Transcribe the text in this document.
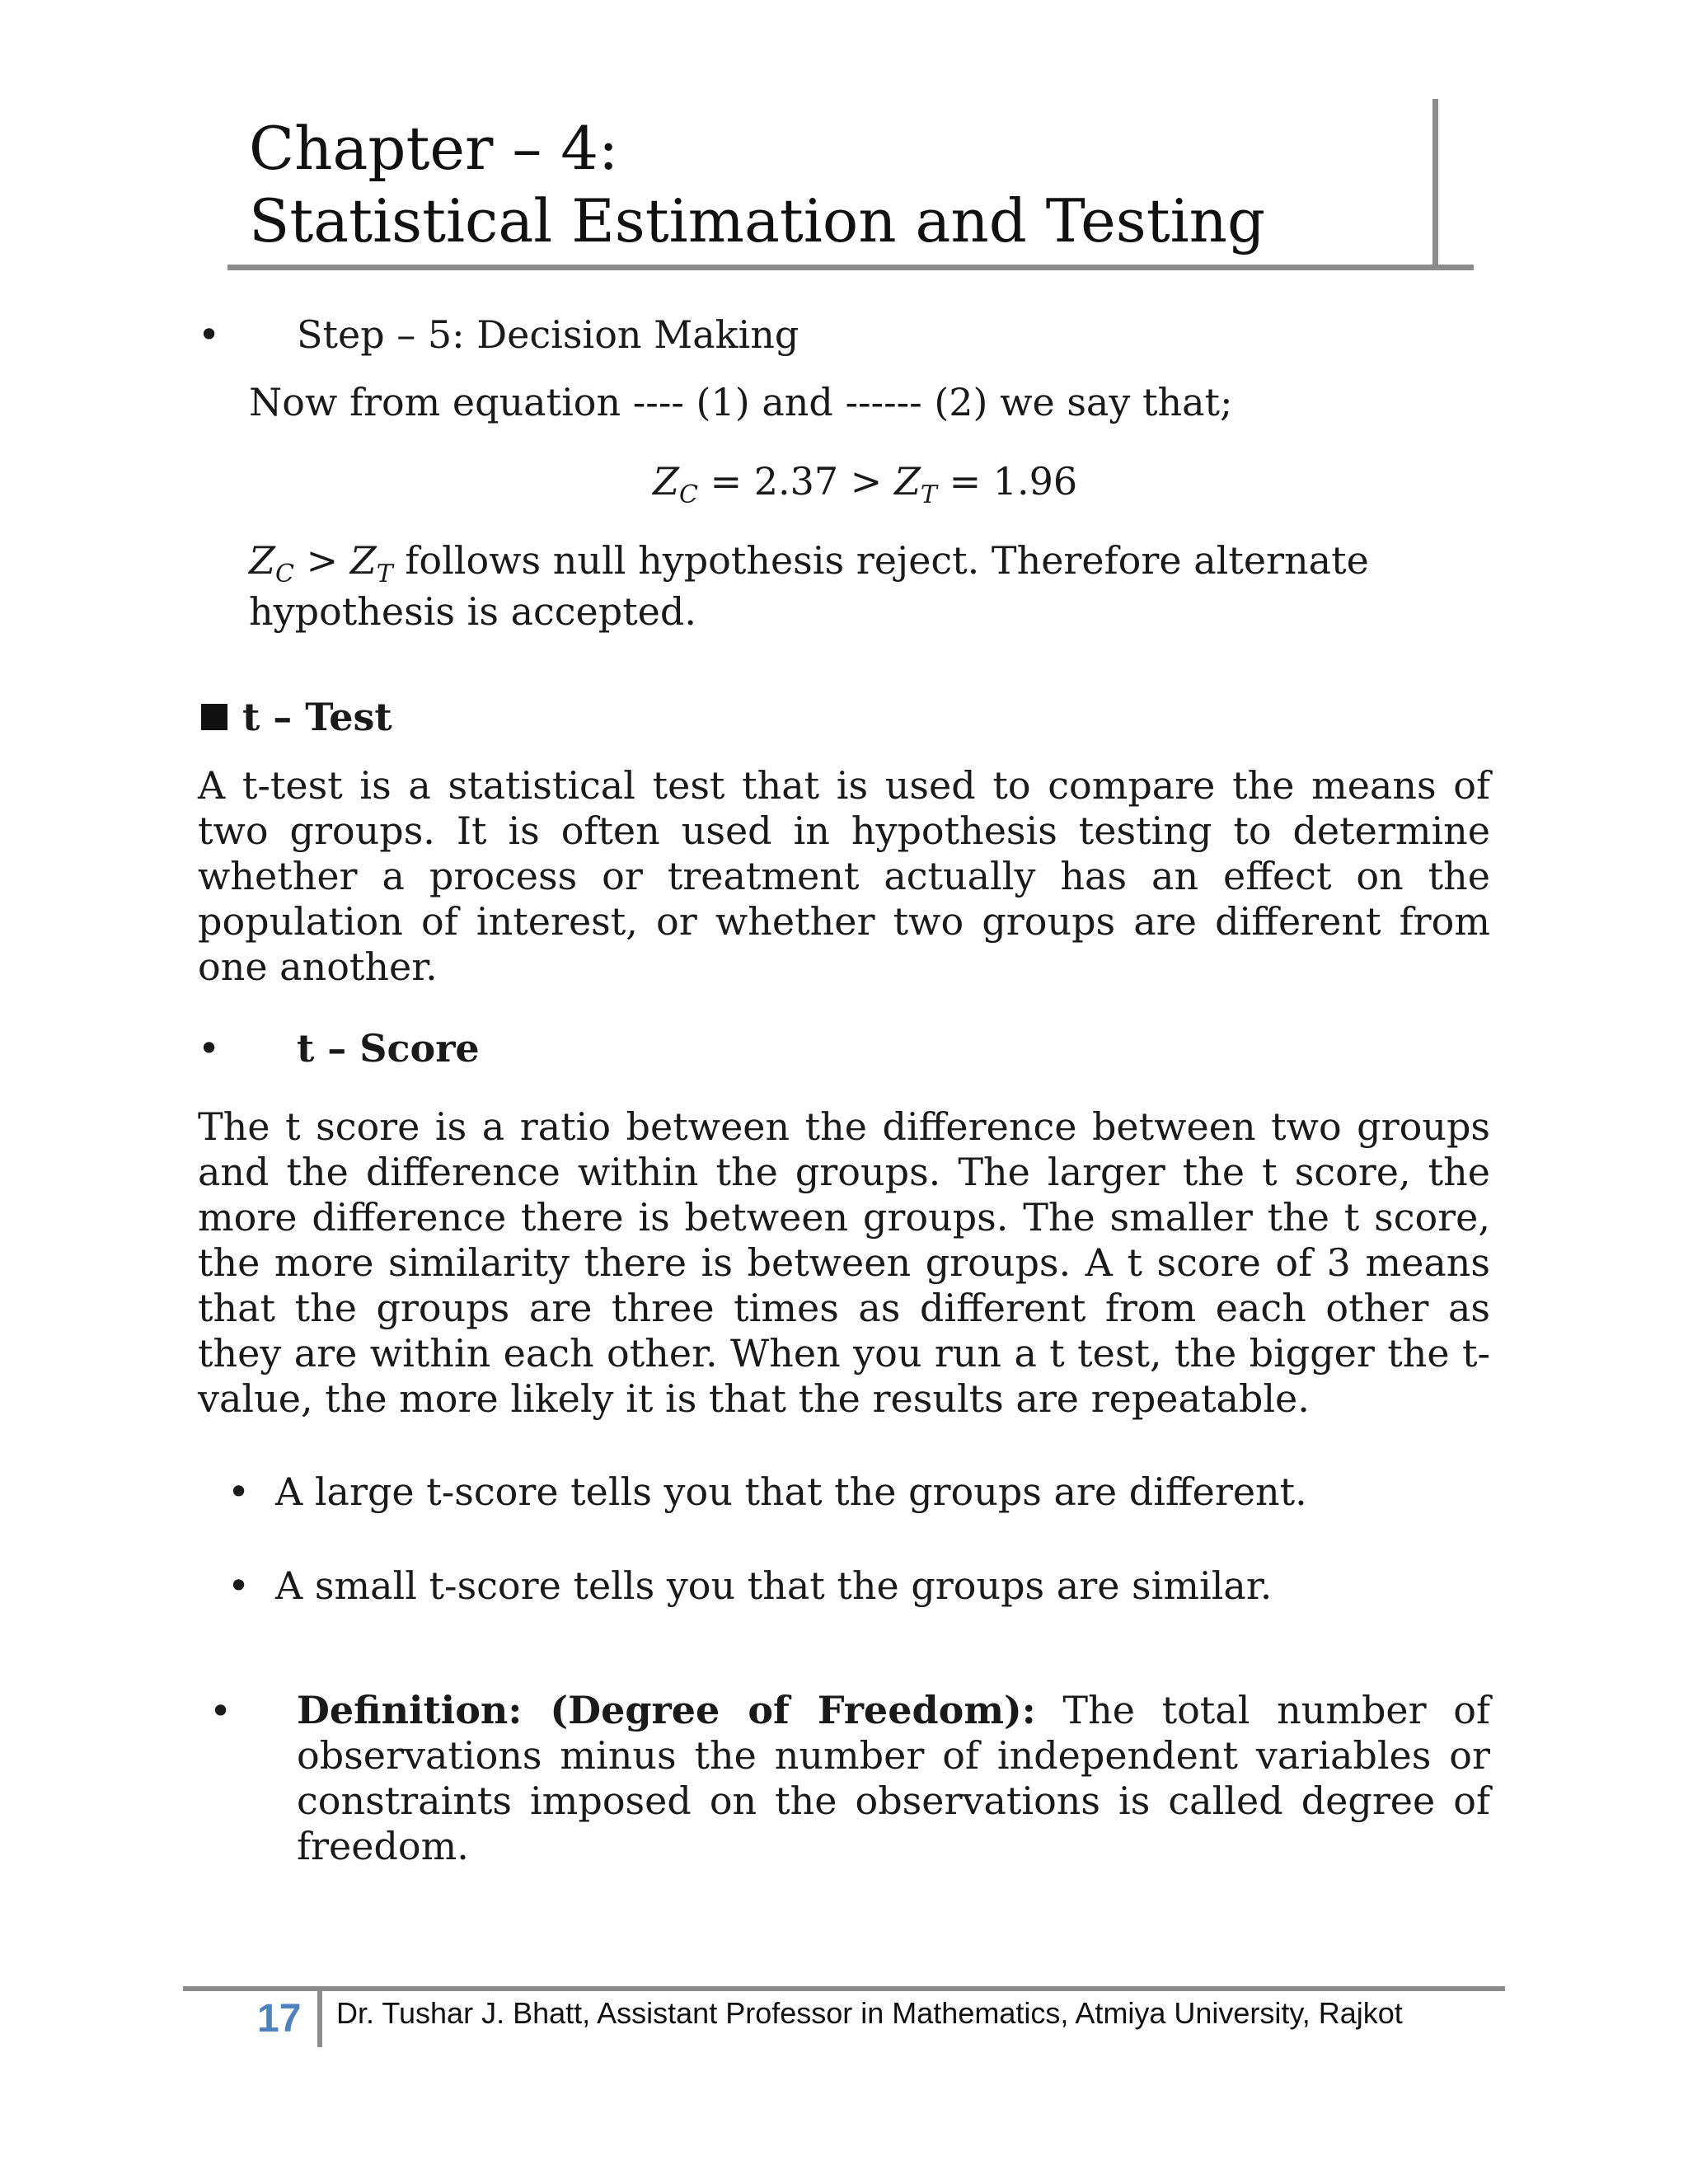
Chapter – 4:
Statistical Estimation and Testing
• Step – 5: Decision Making
Now from equation ---- (1) and ------ (2) we say that;
$Z_C = 2.37 > Z_T = 1.96$
$Z_C > Z_T$ follows null hypothesis reject. Therefore alternate
hypothesis is accepted.
t – Test
A t-test is a statistical test that is used to compare the means of two groups. It is often used in hypothesis testing to determine whether a process or treatment actually has an effect on the population of interest, or whether two groups are different from one another.
• t – Score
The t score is a ratio between the difference between two groups and the difference within the groups. The larger the t score, the more difference there is between groups. The smaller the t score, the more similarity there is between groups. A t score of 3 means that the groups are three times as different from each other as they are within each other. When you run a t test, the bigger the t-value, the more likely it is that the results are repeatable.
• A large t-score tells you that the groups are different.
• A small t-score tells you that the groups are similar.
• Definition: (Degree of Freedom): The total number of observations minus the number of independent variables or constraints imposed on the observations is called degree of freedom.
17 Dr. Tushar J. Bhatt, Assistant Professor in Mathematics, Atmiya University, Rajkot
